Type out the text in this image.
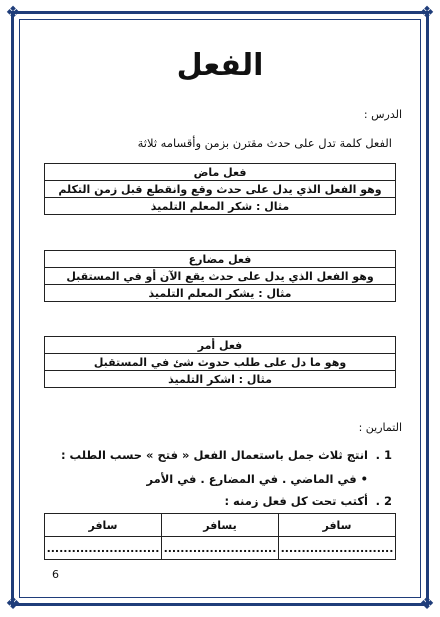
❖	❖
❖	❖
الفعل
الدرس :
الفعل كلمة تدل على حدث مقترن بزمن وأقسامه ثلاثة
فعل ماض
وهو الفعل الذي يدل على حدث وقع وانقطع قبل زمن التكلم
مثال : شكر المعلم التلميذ
فعل مضارع
وهو الفعل الذي يدل على حدث يقع الآن أو في المستقبل
مثال : يشكر المعلم التلميذ
فعل أمر
وهو ما دل على طلب حدوث شئ في المستقبل
مثال : اشكر التلميذ
التمارين :
1 .
انتج ثلاث جمل باستعمال الفعل « فتح » حسب الطلب :
• في الماضي . في المضارع . في الأمر
2 .
أكتب تحت كل فعل زمنه :
سافر	يسافر	سافر
...........................	...........................	...........................
6
